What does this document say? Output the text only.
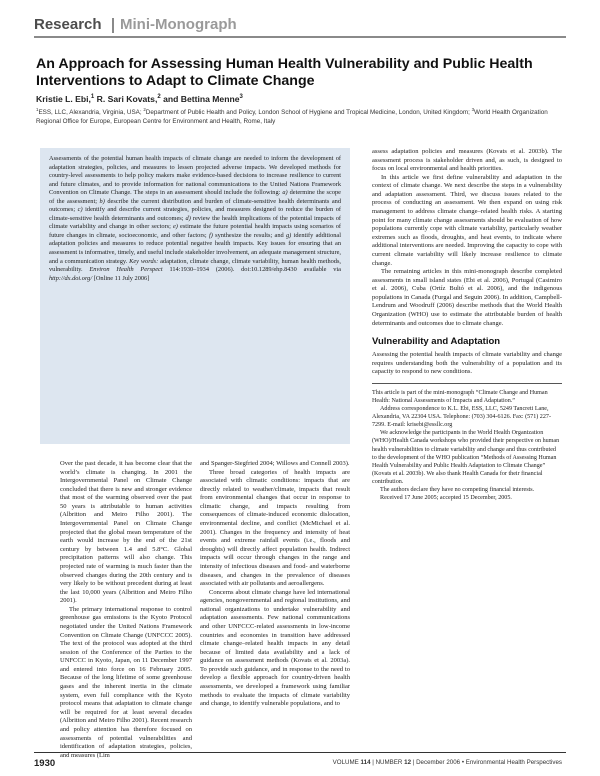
Research Mini-Monograph
An Approach for Assessing Human Health Vulnerability and Public Health Interventions to Adapt to Climate Change
Kristie L. Ebi,$^1$ R. Sari Kovats,$^2$ and Bettina Menne$^3$
$^1$ESS, LLC, Alexandria, Virginia, USA; $^2$Department of Public Health and Policy, London School of Hygiene and Tropical Medicine, London, United Kingdom; $^3$World Health Organization Regional Office for Europe, European Centre for Environment and Health, Rome, Italy
Assessments of the potential human health impacts of climate change are needed to inform the development of adaptation strategies, policies, and measures to lessen projected adverse impacts. We developed methods for country-level assessments to help policy makers make evidence-based decisions to increase resilience to current and future climates, and to provide information for national communications to the United Nations Framework Convention on Climate Change. The steps in an assessment should include the following: a) determine the scope of the assessment; b) describe the current distribution and burden of climate-sensitive health determinants and outcomes; c) identify and describe current strategies, policies, and measures designed to reduce the burden of climate-sensitive health determinants and outcomes; d) review the health implications of the potential impacts of climate variability and change in other sectors; e) estimate the future potential health impacts using scenarios of future changes in climate, socioeconomic, and other factors; f) synthesize the results; and g) identify additional adaptation policies and measures to reduce potential negative health impacts. Key issues for ensuring that an assessment is informative, timely, and useful include stakeholder involvement, an adequate management structure, and a communication strategy. Key words: adaptation, climate change, climate variability, human health methods, vulnerability. Environ Health Perspect 114:1930–1934 (2006). doi:10.1289/ehp.8430 available via http://dx.doi.org/ [Online 11 July 2006]

Over the past decade, it has become clear that the world’s climate is changing. In 2001 the Intergovernmental Panel on Climate Change concluded that there is new and stronger evidence that most of the warming observed over the past 50 years is attributable to human activities (Albritton and Meiro Filho 2001). The Intergovernmental Panel on Climate Change projected that the global mean temperature of the earth would increase by the end of the 21st century by between 1.4 and 5.8°C. Global precipitation patterns will also change. This projected rate of warming is much faster than the observed changes during the 20th century and is very likely to be without precedent during at least the last 10,000 years (Albritton and Meiro Filho 2001).

The primary international response to control greenhouse gas emissions is the Kyoto Protocol negotiated under the United Nations Framework Convention on Climate Change (UNFCCC 2005). The text of the protocol was adopted at the third session of the Conference of the Parties to the UNFCCC in Kyoto, Japan, on 11 December 1997 and entered into force on 16 February 2005. Because of the long lifetime of some greenhouse gases and the inherent inertia in the climate system, even full compliance with the Kyoto protocol means that adaptation to climate change will be required for at least several decades (Albritton and Meiro Filho 2001). Recent research and policy attention has therefore focused on assessments of potential vulnerabilities and identification of adaptation strategies, policies, and measures (Lim

and Spanger-Siegfried 2004; Willows and Connell 2003).

Three broad categories of health impacts are associated with climatic conditions: impacts that are directly related to weather/climate, impacts that result from environmental changes that occur in response to climatic change, and impacts resulting from consequences of climate-induced economic dislocation, environmental decline, and conflict (McMichael et al. 2001). Changes in the frequency and intensity of heat events and extreme rainfall events (i.e., floods and droughts) will directly affect population health. Indirect impacts will occur through changes in the range and intensity of infectious diseases and food- and waterborne diseases, and changes in the prevalence of diseases associated with air pollutants and aeroallergens.

Concerns about climate change have led international agencies, nongovernmental and regional institutions, and national organizations to undertake vulnerability and adaptation assessments. Few national communications and other UNFCCC-related assessments in low-income countries and economies in transition have addressed climate change–related health impacts in any detail because of limited data availability and a lack of guidance on assessment methods (Kovats et al. 2003a). To provide such guidance, and in response to the need to develop a flexible approach for country-driven health assessments, we developed a framework using familiar methods to evaluate the impacts of climate variability and change, to identify vulnerable populations, and to

assess adaptation policies and measures (Kovats et al. 2003b). The assessment process is stakeholder driven and, as such, is designed to focus on local environmental and health priorities.

In this article we first define vulnerability and adaptation in the context of climate change. We next describe the steps in a vulnerability and adaptation assessment. Third, we discuss issues related to the process of conducting an assessment. We then expand on using risk management to address climate change–related health risks. A starting point for many climate change assessments should be evaluation of how populations currently cope with climate variability, particularly weather extremes such as floods, droughts, and heat events, to indicate where additional interventions are needed. Improving the capacity to cope with current climate variability will likely increase resilience to climate change.

The remaining articles in this mini-monograph describe completed assessments in small island states (Ebi et al. 2006), Portugal (Casimiro et al. 2006), Cuba (Ortíz Bultó et al. 2006), and the indigenous populations in Canada (Furgal and Seguin 2006). In addition, Campbell-Lendrum and Woodruff (2006) describe methods that the World Health Organization (WHO) use to estimate the attributable burden of health determinants and outcomes due to climate change.

Vulnerability and Adaptation

Assessing the potential health impacts of climate variability and change requires understanding both the vulnerability of a population and its capacity to respond to new conditions.

This article is part of the mini-monograph “Climate Change and Human Health: National Assessments of Impacts and Adaptation.”

Address correspondence to K.L. Ebi, ESS, LLC, 5249 Tancreti Lane, Alexandria, VA 22304 USA. Telephone: (703) 304-6126. Fax: (571) 227-7299. E-mail: krisebi@essllc.org

We acknowledge the participants in the World Health Organization (WHO)/Health Canada workshops who provided their perspective on human health vulnerabilities to climate variability and change and thus contributed to the development of the WHO publication “Methods of Assessing Human Health Vulnerability and Public Health Adaptation to Climate Change” (Kovats et al. 2003b). We also thank Health Canada for their financial contribution.

The authors declare they have no competing financial interests.

Received 17 June 2005; accepted 15 December, 2005.

1930	VOLUME 114 | NUMBER 12 | December 2006 • Environmental Health Perspectives
